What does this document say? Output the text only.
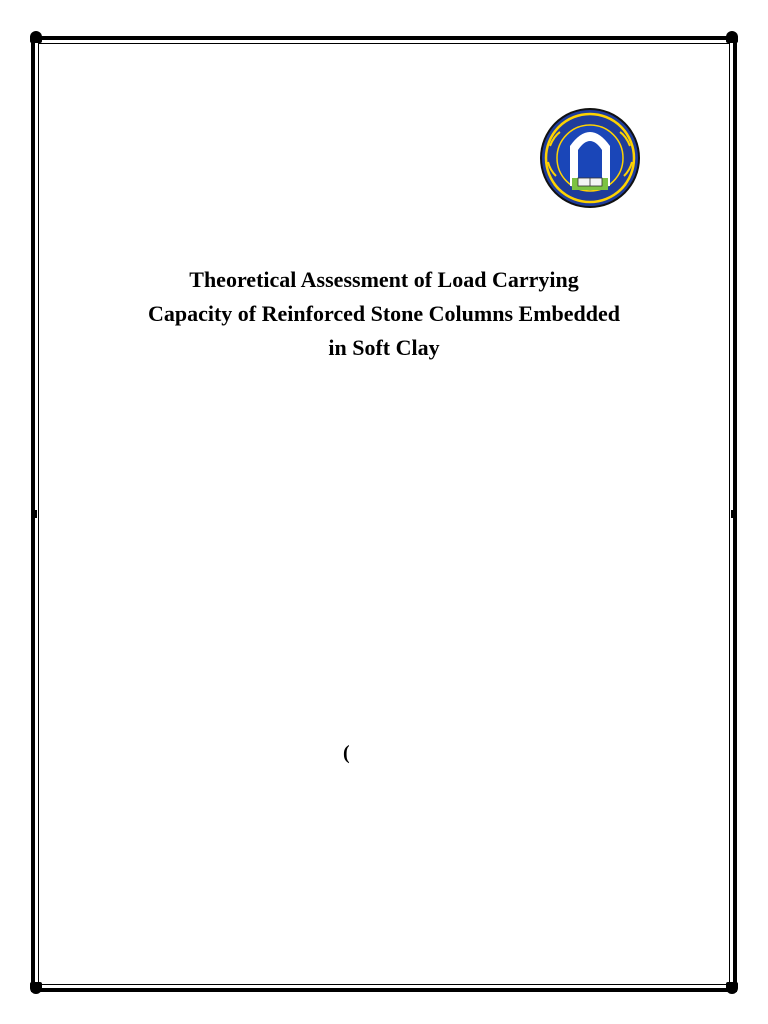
Theoretical Assessment of Load Carrying
Capacity of Reinforced Stone Columns Embedded
in Soft Clay
(
